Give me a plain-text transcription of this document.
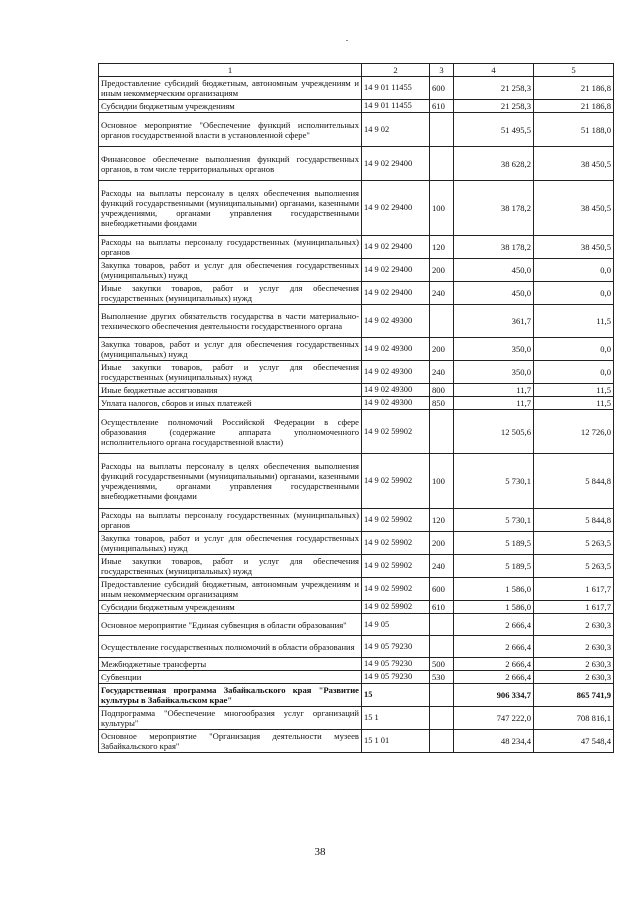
1	2	3	4	5
Предоставление субсидий бюджетным, автономным учреждениям и иным некоммерческим организациям	14 9 01 11455	600	21 258,3	21 186,8
Субсидии бюджетным учреждениям	14 9 01 11455	610	21 258,3	21 186,8
Основное мероприятие "Обеспечение функций исполнительных органов государственной власти в установленной сфере"	14 9 02		51 495,5	51 188,0
Финансовое обеспечение выполнения функций государственных органов, в том числе территориальных органов	14 9 02 29400		38 628,2	38 450,5
Расходы на выплаты персоналу в целях обеспечения выполнения функций государственными (муниципальными) органами, казенными учреждениями, органами управления государственными внебюджетными фондами	14 9 02 29400	100	38 178,2	38 450,5
Расходы на выплаты персоналу государственных (муниципальных) органов	14 9 02 29400	120	38 178,2	38 450,5
Закупка товаров, работ и услуг для обеспечения государственных (муниципальных) нужд	14 9 02 29400	200	450,0	0,0
Иные закупки товаров, работ и услуг для обеспечения государственных (муниципальных) нужд	14 9 02 29400	240	450,0	0,0
Выполнение других обязательств государства в части материально-технического обеспечения деятельности государственного органа	14 9 02 49300		361,7	11,5
Закупка товаров, работ и услуг для обеспечения государственных (муниципальных) нужд	14 9 02 49300	200	350,0	0,0
Иные закупки товаров, работ и услуг для обеспечения государственных (муниципальных) нужд	14 9 02 49300	240	350,0	0,0
Иные бюджетные ассигнования	14 9 02 49300	800	11,7	11,5
Уплата налогов, сборов и иных платежей	14 9 02 49300	850	11,7	11,5
Осуществление полномочий Российской Федерации в сфере образования (содержание аппарата уполномоченного исполнительного органа государственной власти)	14 9 02 59902		12 505,6	12 726,0
Расходы на выплаты персоналу в целях обеспечения выполнения функций государственными (муниципальными) органами, казенными учреждениями, органами управления государственными внебюджетными фондами	14 9 02 59902	100	5 730,1	5 844,8
Расходы на выплаты персоналу государственных (муниципальных) органов	14 9 02 59902	120	5 730,1	5 844,8
Закупка товаров, работ и услуг для обеспечения государственных (муниципальных) нужд	14 9 02 59902	200	5 189,5	5 263,5
Иные закупки товаров, работ и услуг для обеспечения государственных (муниципальных) нужд	14 9 02 59902	240	5 189,5	5 263,5
Предоставление субсидий бюджетным, автономным учреждениям и иным некоммерческим организациям	14 9 02 59902	600	1 586,0	1 617,7
Субсидии бюджетным учреждениям	14 9 02 59902	610	1 586,0	1 617,7
Основное мероприятие "Единая субвенция в области образования"	14 9 05		2 666,4	2 630,3
Осуществление государственных полномочий в области образования	14 9 05 79230		2 666,4	2 630,3
Межбюджетные трансферты	14 9 05 79230	500	2 666,4	2 630,3
Субвенции	14 9 05 79230	530	2 666,4	2 630,3
Государственная программа Забайкальского края "Развитие культуры в Забайкальском крае"	15		906 334,7	865 741,9
Подпрограмма "Обеспечение многообразия услуг организаций культуры"	15 1		747 222,0	708 816,1
Основное мероприятие "Организация деятельности музеев Забайкальского края"	15 1 01		48 234,4	47 548,4
38
